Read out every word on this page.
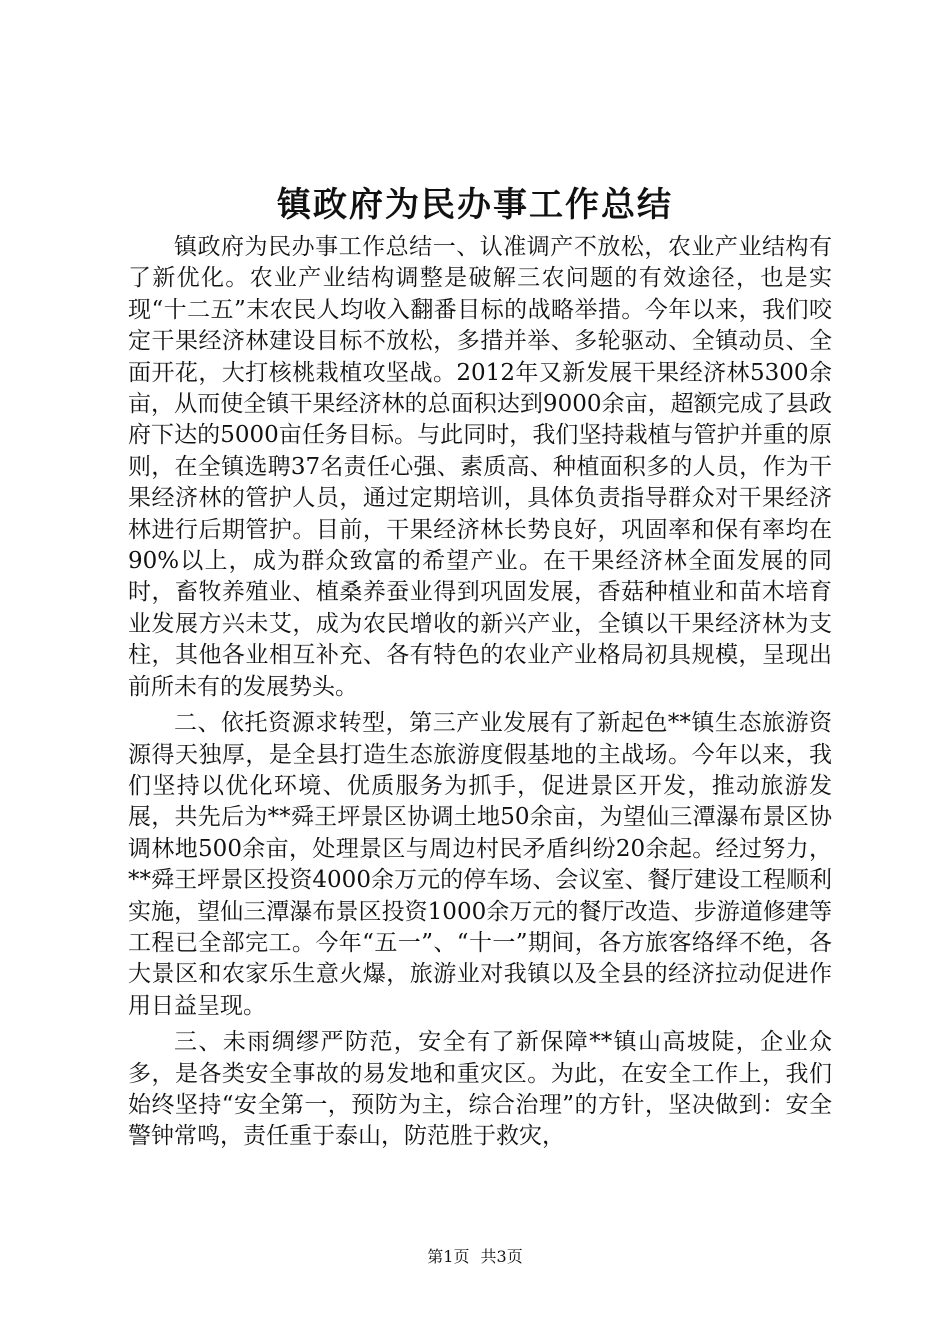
镇政府为民办事工作总结

镇政府为民办事工作总结一、认准调产不放松，农业产业结构有了新优化。农业产业结构调整是破解三农问题的有效途径，也是实现“十二五”末农民人均收入翻番目标的战略举措。今年以来，我们咬定干果经济林建设目标不放松，多措并举、多轮驱动、全镇动员、全面开花，大打核桃栽植攻坚战。2012年又新发展干果经济林5300余亩，从而使全镇干果经济林的总面积达到9000余亩，超额完成了县政府下达的5000亩任务目标。与此同时，我们坚持栽植与管护并重的原则，在全镇选聘37名责任心强、素质高、种植面积多的人员，作为干果经济林的管护人员，通过定期培训，具体负责指导群众对干果经济林进行后期管护。目前，干果经济林长势良好，巩固率和保有率均在90%以上，成为群众致富的希望产业。在干果经济林全面发展的同时，畜牧养殖业、植桑养蚕业得到巩固发展，香菇种植业和苗木培育业发展方兴未艾，成为农民增收的新兴产业，全镇以干果经济林为支柱，其他各业相互补充、各有特色的农业产业格局初具规模，呈现出前所未有的发展势头。

二、依托资源求转型，第三产业发展有了新起色**镇生态旅游资源得天独厚，是全县打造生态旅游度假基地的主战场。今年以来，我们坚持以优化环境、优质服务为抓手，促进景区开发，推动旅游发展，共先后为**舜王坪景区协调土地50余亩，为望仙三潭瀑布景区协调林地500余亩，处理景区与周边村民矛盾纠纷20余起。经过努力，**舜王坪景区投资4000余万元的停车场、会议室、餐厅建设工程顺利实施，望仙三潭瀑布景区投资1000余万元的餐厅改造、步游道修建等工程已全部完工。今年“五一”、“十一”期间，各方旅客络绎不绝，各大景区和农家乐生意火爆，旅游业对我镇以及全县的经济拉动促进作用日益呈现。

三、未雨绸缪严防范，安全有了新保障**镇山高坡陡，企业众多，是各类安全事故的易发地和重灾区。为此，在安全工作上，我们始终坚持“安全第一，预防为主，综合治理”的方针，坚决做到：安全警钟常鸣，责任重于泰山，防范胜于救灾，

第1页 共3页
